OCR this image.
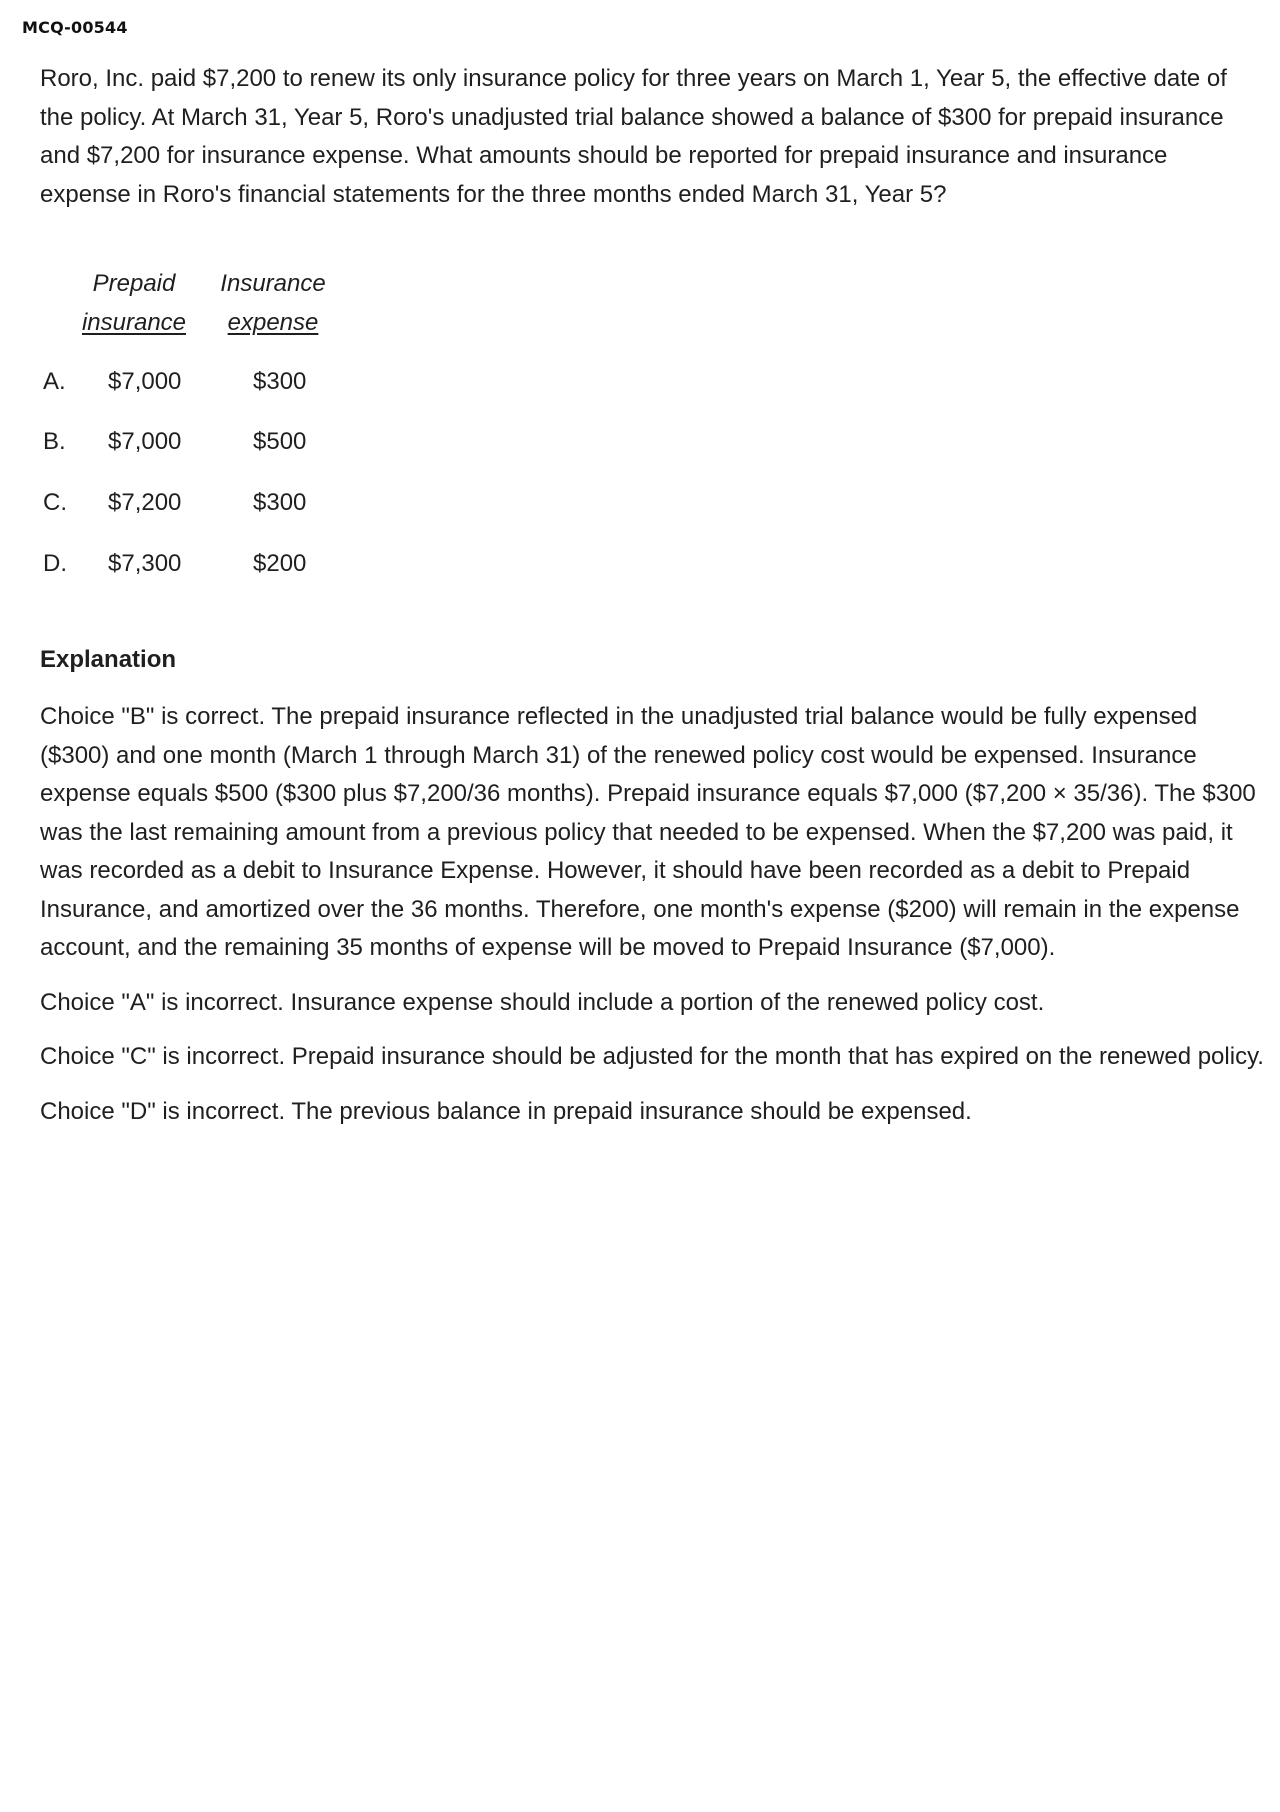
MCQ-00544

Roro, Inc. paid $7,200 to renew its only insurance policy for three years on March 1, Year 5, the effective date of the policy. At March 31, Year 5, Roro's unadjusted trial balance showed a balance of $300 for prepaid insurance and $7,200 for insurance expense. What amounts should be reported for prepaid insurance and insurance expense in Roro's financial statements for the three months ended March 31, Year 5?

Prepaid
insurance
Insurance
expense
A.	$7,000	$300
B.	$7,000	$500
C.	$7,200	$300
D.	$7,300	$200
Explanation

Choice "B" is correct. The prepaid insurance reflected in the unadjusted trial balance would be fully expensed ($300) and one month (March 1 through March 31) of the renewed policy cost would be expensed. Insurance expense equals $500 ($300 plus $7,200/36 months). Prepaid insurance equals $7,000 ($7,200 × 35/36). The $300 was the last remaining amount from a previous policy that needed to be expensed. When the $7,200 was paid, it was recorded as a debit to Insurance Expense. However, it should have been recorded as a debit to Prepaid Insurance, and amortized over the 36 months. Therefore, one month's expense ($200) will remain in the expense account, and the remaining 35 months of expense will be moved to Prepaid Insurance ($7,000).

Choice "A" is incorrect. Insurance expense should include a portion of the renewed policy cost.

Choice "C" is incorrect. Prepaid insurance should be adjusted for the month that has expired on the renewed policy.

Choice "D" is incorrect. The previous balance in prepaid insurance should be expensed.
